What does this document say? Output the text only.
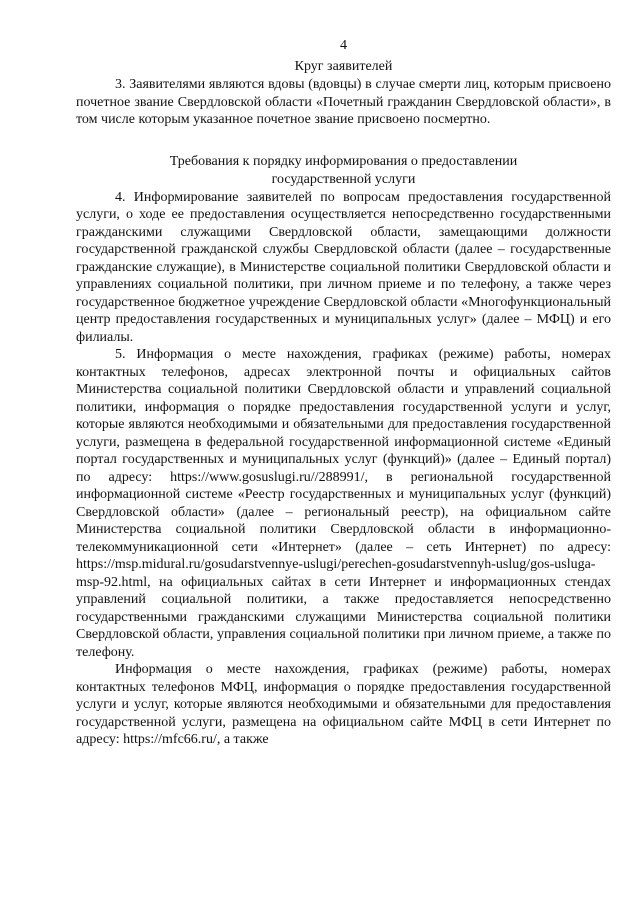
4
Круг заявителей

3. Заявителями являются вдовы (вдовцы) в случае смерти лиц, которым присвоено почетное звание Свердловской области «Почетный гражданин Свердловской области», в том числе которым указанное почетное звание присвоено посмертно.

Требования к порядку информирования о предоставлении
государственной услуги

4. Информирование заявителей по вопросам предоставления государственной услуги, о ходе ее предоставления осуществляется непосредственно государственными гражданскими служащими Свердловской области, замещающими должности государственной гражданской службы Свердловской области (далее – государственные гражданские служащие), в Министерстве социальной политики Свердловской области и управлениях социальной политики, при личном приеме и по телефону, а также через государственное бюджетное учреждение Свердловской области «Многофункциональный центр предоставления государственных и муниципальных услуг» (далее – МФЦ) и его филиалы.

5. Информация о месте нахождения, графиках (режиме) работы, номерах контактных телефонов, адресах электронной почты и официальных сайтов Министерства социальной политики Свердловской области и управлений социальной политики, информация о порядке предоставления государственной услуги и услуг, которые являются необходимыми и обязательными для предоставления государственной услуги, размещена в федеральной государственной информационной системе «Единый портал государственных и муниципальных услуг (функций)» (далее – Единый портал) по адресу: https://www.gosuslugi.ru//288991/, в региональной государственной информационной системе «Реестр государственных и муниципальных услуг (функций) Свердловской области» (далее – региональный реестр), на официальном сайте Министерства социальной политики Свердловской области в информационно-телекоммуникационной сети «Интернет» (далее – сеть Интернет) по адресу: https://msp.midural.ru/gosudarstvennye-uslugi/perechen-gosudarstvennyh-uslug/gos-usluga-msp-92.html, на официальных сайтах в сети Интернет и информационных стендах управлений социальной политики, а также предоставляется непосредственно государственными гражданскими служащими Министерства социальной политики Свердловской области, управления социальной политики при личном приеме, а также по телефону.

Информация о месте нахождения, графиках (режиме) работы, номерах контактных телефонов МФЦ, информация о порядке предоставления государственной услуги и услуг, которые являются необходимыми и обязательными для предоставления государственной услуги, размещена на официальном сайте МФЦ в сети Интернет по адресу: https://mfc66.ru/, а также
